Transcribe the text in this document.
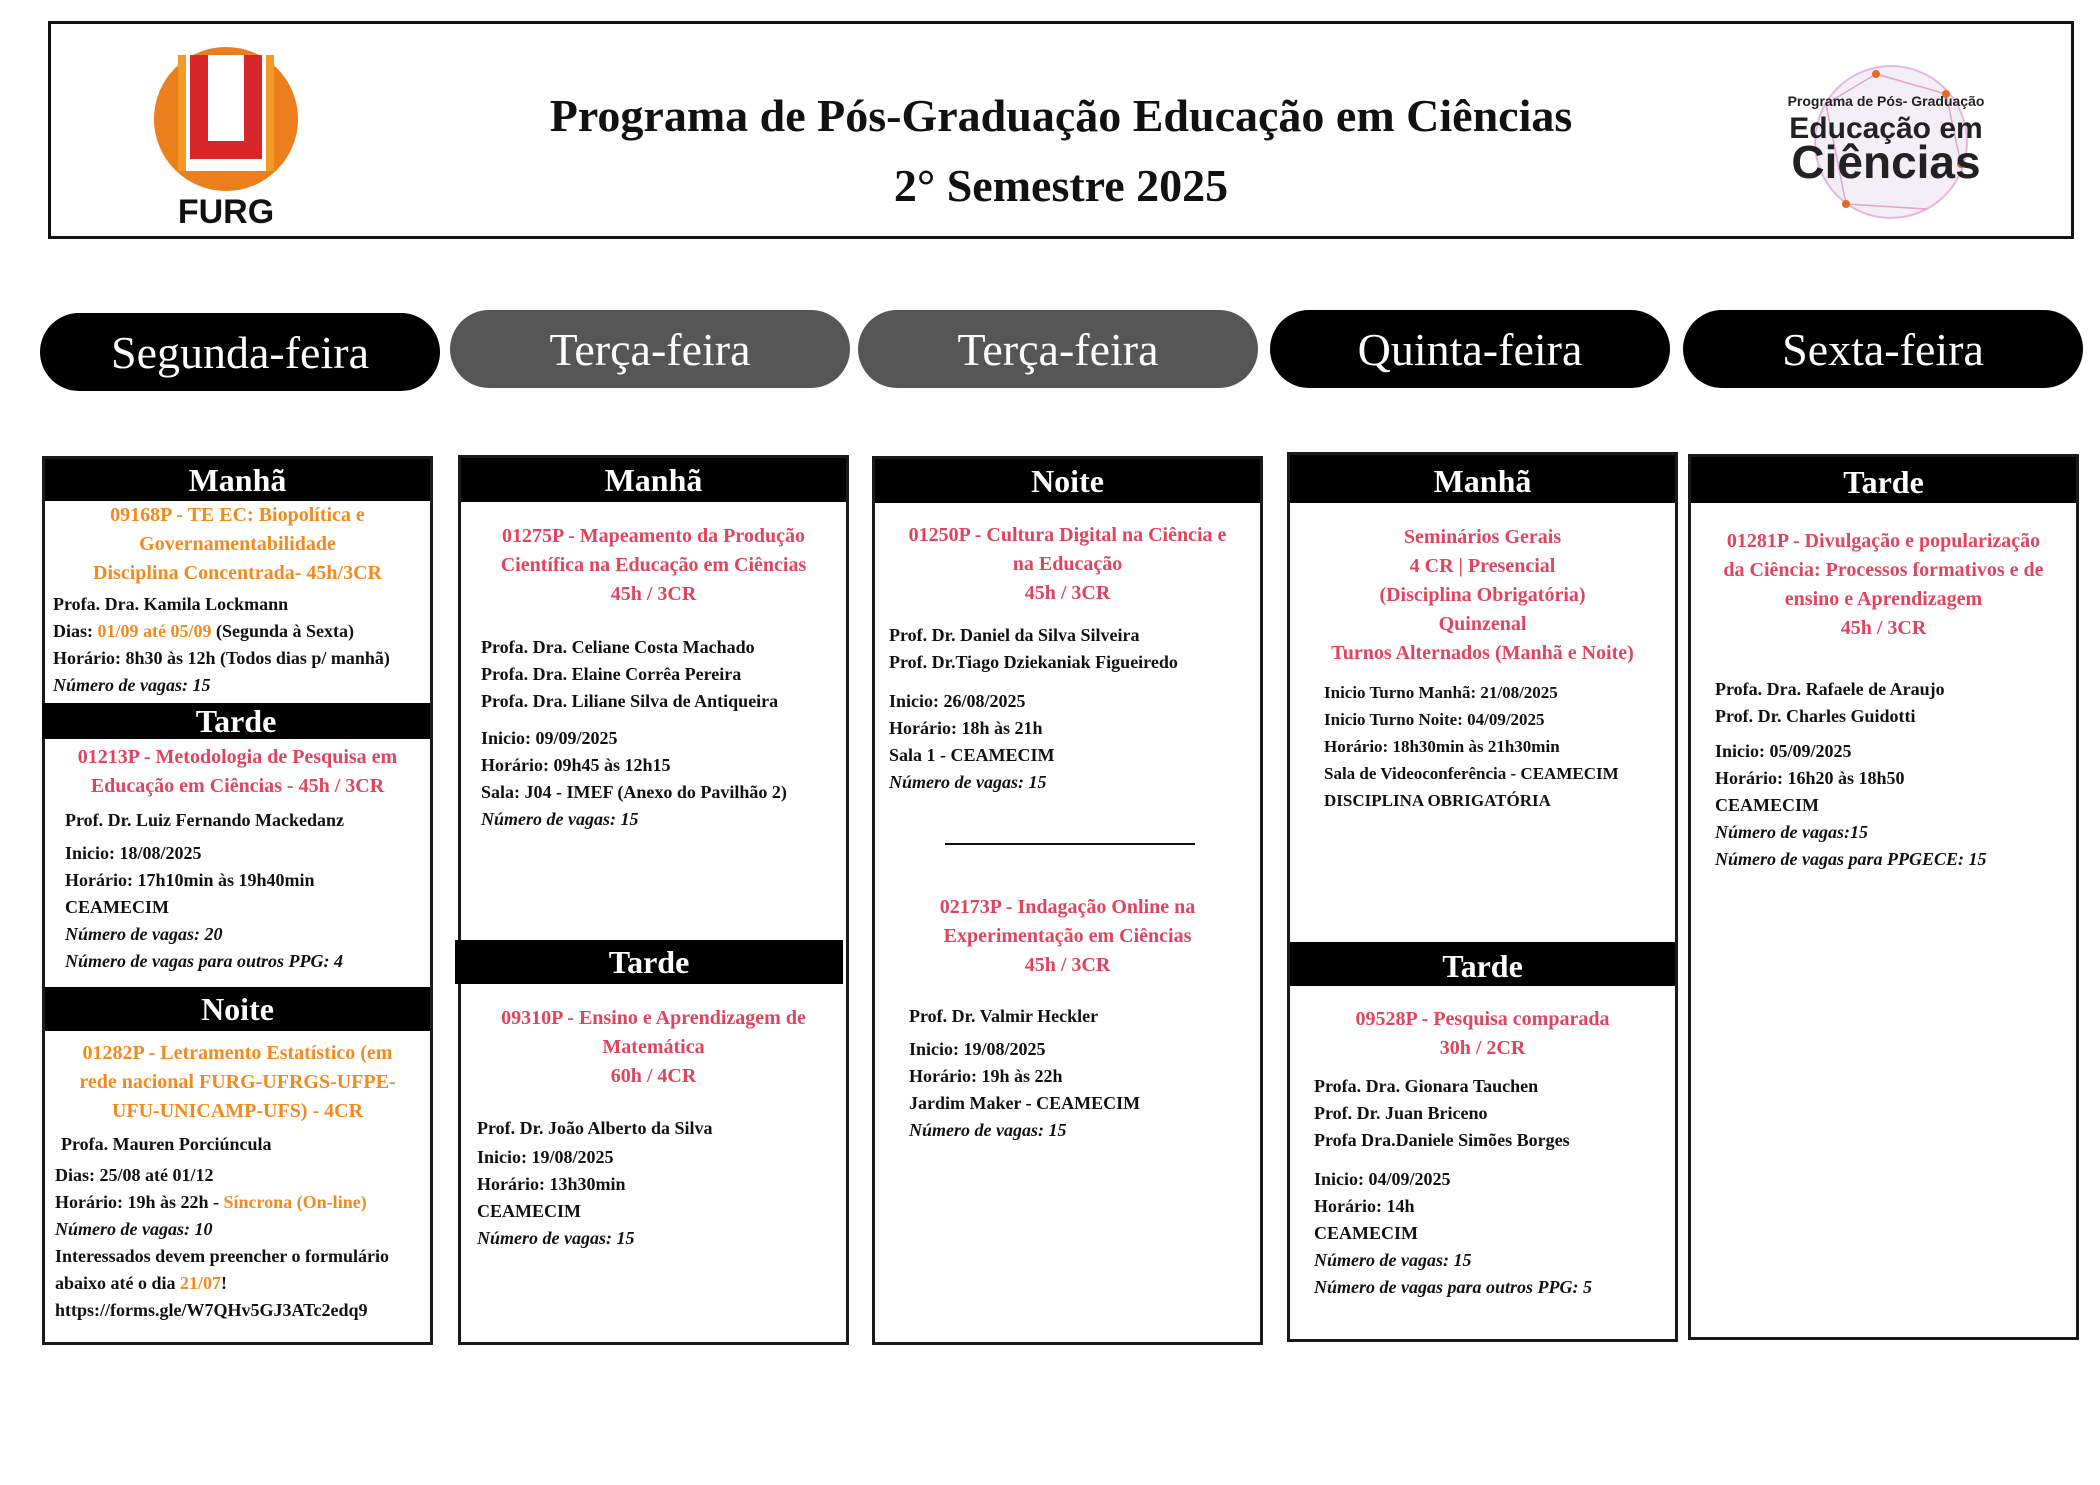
FURG
Programa de Pós-Graduação Educação em Ciências
2° Semestre 2025
Programa de Pós- Graduação
Educação em
Ciências
Segunda-feira	Terça-feira	Terça-feira	Quinta-feira	Sexta-feira
Manhã
09168P - TE EC: Biopolítica e
Governamentabilidade
Disciplina Concentrada- 45h/3CR
Profa. Dra. Kamila Lockmann
Dias: 01/09 até 05/09 (Segunda à Sexta)
Horário: 8h30 às 12h (Todos dias p/ manhã)
Número de vagas: 15
Tarde
01213P - Metodologia de Pesquisa em
Educação em Ciências - 45h / 3CR
Prof. Dr. Luiz Fernando Mackedanz
Inicio: 18/08/2025
Horário: 17h10min às 19h40min
CEAMECIM
Número de vagas: 20
Número de vagas para outros PPG: 4
Noite
01282P - Letramento Estatístico (em
rede nacional FURG-UFRGS-UFPE-
UFU-UNICAMP-UFS) - 4CR
Profa. Mauren Porciúncula
Dias: 25/08 até 01/12
Horário: 19h às 22h - Síncrona (On-line)
Número de vagas: 10
Interessados devem preencher o formulário
abaixo até o dia 21/07!
https://forms.gle/W7QHv5GJ3ATc2edq9
Manhã
01275P - Mapeamento da Produção
Científica na Educação em Ciências
45h / 3CR
Profa. Dra. Celiane Costa Machado
Profa. Dra. Elaine Corrêa Pereira
Profa. Dra. Liliane Silva de Antiqueira
Inicio: 09/09/2025
Horário: 09h45 às 12h15
Sala: J04 - IMEF (Anexo do Pavilhão 2)
Número de vagas: 15
Tarde
09310P - Ensino e Aprendizagem de
Matemática
60h / 4CR
Prof. Dr. João Alberto da Silva
Inicio: 19/08/2025
Horário: 13h30min
CEAMECIM
Número de vagas: 15
Noite
01250P - Cultura Digital na Ciência e
na Educação
45h / 3CR
Prof. Dr. Daniel da Silva Silveira
Prof. Dr.Tiago Dziekaniak Figueiredo
Inicio: 26/08/2025
Horário: 18h às 21h
Sala 1 - CEAMECIM
Número de vagas: 15
02173P - Indagação Online na
Experimentação em Ciências
45h / 3CR
Prof. Dr. Valmir Heckler
Inicio: 19/08/2025
Horário: 19h às 22h
Jardim Maker - CEAMECIM
Número de vagas: 15
Manhã
Seminários Gerais
4 CR | Presencial
(Disciplina Obrigatória)
Quinzenal
Turnos Alternados (Manhã e Noite)
Inicio Turno Manhã: 21/08/2025
Inicio Turno Noite: 04/09/2025
Horário: 18h30min às 21h30min
Sala de Videoconferência - CEAMECIM
DISCIPLINA OBRIGATÓRIA
Tarde
09528P - Pesquisa comparada
30h / 2CR
Profa. Dra. Gionara Tauchen
Prof. Dr. Juan Briceno
Profa Dra.Daniele Simões Borges
Inicio: 04/09/2025
Horário: 14h
CEAMECIM
Número de vagas: 15
Número de vagas para outros PPG: 5
Tarde
01281P - Divulgação e popularização
da Ciência: Processos formativos e de
ensino e Aprendizagem
45h / 3CR
Profa. Dra. Rafaele de Araujo
Prof. Dr. Charles Guidotti
Inicio: 05/09/2025
Horário: 16h20 às 18h50
CEAMECIM
Número de vagas:15
Número de vagas para PPGECE: 15
